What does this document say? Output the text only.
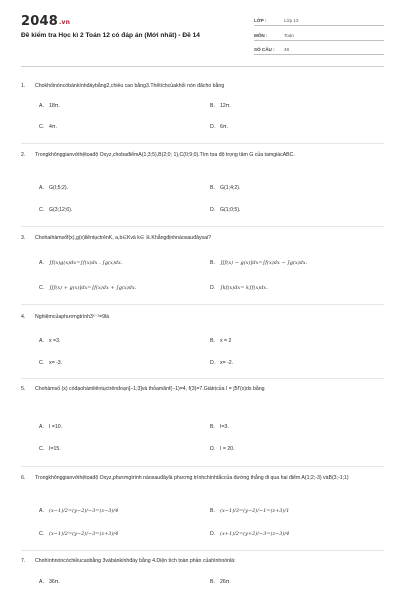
2048.vn
Đề kiểm tra Học kì 2 Toán 12 có đáp án (Mới nhất) - Đề 14
LỚP :	Lớp 12
MÔN :	Toán
SỐ CÂU : 48
1.	Chokhốinóncóbánkínhđáybằng2,chiều cao bằng3.Thểtíchcủakhối nón đãcho bằng
A. 18π.	B. 12π.
C. 4π.	D. 6π.
2.	Trongkhônggianvớihệtọađộ Oxyz,chobađiểmA(1;3;5),B(2;0; 1),C(0;9;0).Tìm tọa độ trọng tâm G của tamgiácABC.
A. G(I;5;2).	B. G(1;4;2).
C. G(3;12;6).	D. G(1;0;5).
3.	Chohaihàmsốf(x),g(x)liêntụctrênK, a,b∈Kvà k∈ ℝ.Khẳngđịnhnàosauđâysai?
A. ∫f(x)g(x)dx=∫f(x)dx . ∫g(x)dx.	B. ∫[f(x) − g(x)]dx=∫f(x)dx − ∫g(x)dx.
C. ∫[f(x) + g(x)]dx=∫f(x)dx + ∫g(x)dx.	D. ∫kf(x)dx= k∫f(x)dx.
4.	Nghiệmcủaphươngtrình3ˣ⁻¹=9là
A. x =3.	B. x = 2
C. x= -3.	D. x= -2.
5.	Chohàmsố (x) cóđạohàmliêntụctrênđoạn[−1;3]và thỏamãnf(−1)=4, f(3)=7.Giátrịcủa I = ∫5f'(x)dx bằng
A. I =10.	B. I=3.
C. I=15.	D. I = 20.
6.	Trongkhônggianvớihệtọađộ Oxyz,phươngtrình nàosauđâylà phương trìnhchínhtắccủa đường thẳng đi qua hai điểm A(1;2;-3) vàB(3;-1;1)
A. (x−1)/2=(y−2)/−3=(z−3)/4	B. (x−1)/3=(y−2)/−1=(z+3)/1
C. (x−1)/2=(y−2)/−3=(z+3)/4	D. (x+1)/2=(y+2)/−3=(z−3)/4
7.	Chohìnhnóncóchiềucaobằng 3vàbánkínhđáy bằng 4.Diện tích toàn phần củahìnhnónlà:
A. 36π.	B. 26π.
